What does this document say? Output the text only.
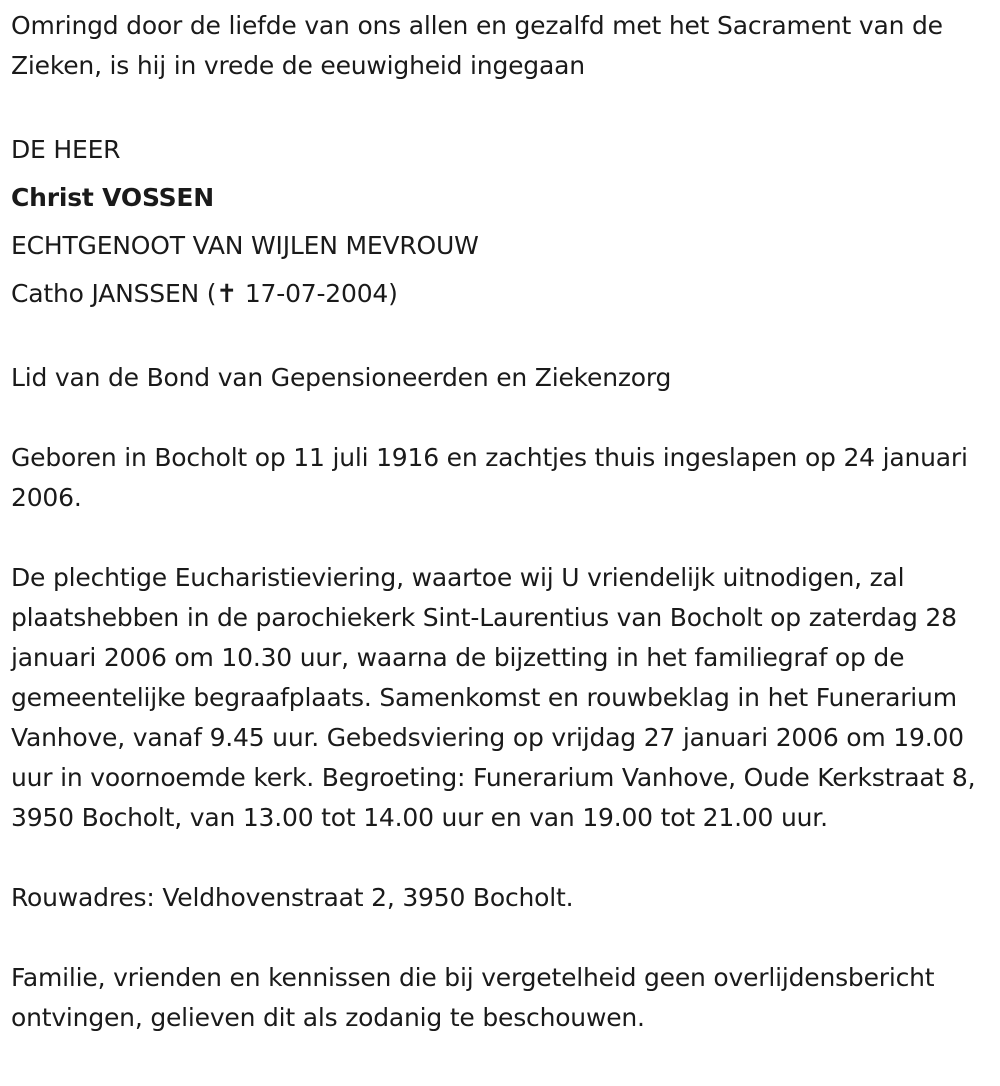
Omringd door de liefde van ons allen en gezalfd met het Sacrament van de Zieken, is hij in vrede de eeuwigheid ingegaan

DE HEER

Christ VOSSEN

ECHTGENOOT VAN WIJLEN MEVROUW

Catho JANSSEN (✝ 17-07-2004)

Lid van de Bond van Gepensioneerden en Ziekenzorg

Geboren in Bocholt op 11 juli 1916 en zachtjes thuis ingeslapen op 24 januari 2006.

De plechtige Eucharistieviering, waartoe wij U vriendelijk uitnodigen, zal plaatshebben in de parochiekerk Sint-Laurentius van Bocholt op zaterdag 28 januari 2006 om 10.30 uur, waarna de bijzetting in het familiegraf op de gemeentelijke begraafplaats. Samenkomst en rouwbeklag in het Funerarium Vanhove, vanaf 9.45 uur. Gebedsviering op vrijdag 27 januari 2006 om 19.00 uur in voornoemde kerk. Begroeting: Funerarium Vanhove, Oude Kerkstraat 8, 3950 Bocholt, van 13.00 tot 14.00 uur en van 19.00 tot 21.00 uur.

Rouwadres: Veldhovenstraat 2, 3950 Bocholt.

Familie, vrienden en kennissen die bij vergetelheid geen overlijdensbericht ontvingen, gelieven dit als zodanig te beschouwen.
